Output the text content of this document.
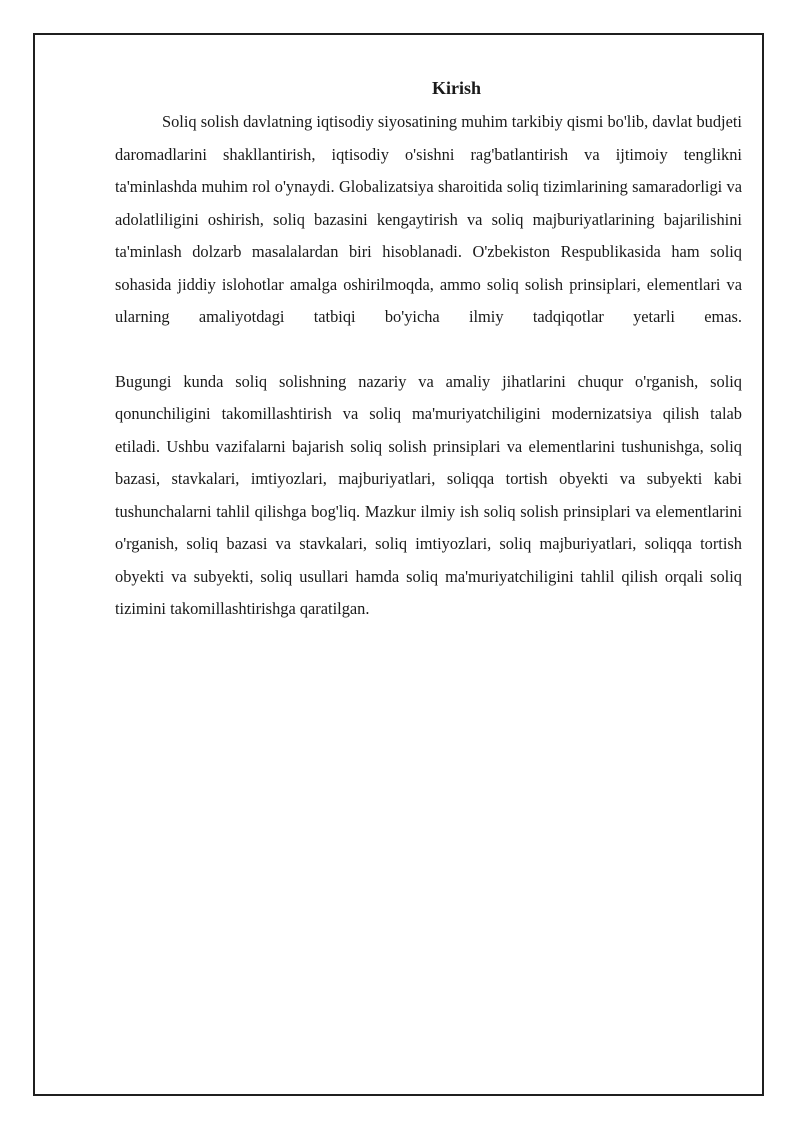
Kirish

Soliq solish davlatning iqtisodiy siyosatining muhim tarkibiy qismi bo'lib, davlat budjeti daromadlarini shakllantirish, iqtisodiy o'sishni rag'batlantirish va ijtimoiy tenglikni ta'minlashda muhim rol o'ynaydi. Globalizatsiya sharoitida soliq tizimlarining samaradorligi va adolatliligini oshirish, soliq bazasini kengaytirish va soliq majburiyatlarining bajarilishini ta'minlash dolzarb masalalardan biri hisoblanadi. O'zbekiston Respublikasida ham soliq sohasida jiddiy islohotlar amalga oshirilmoqda, ammo soliq solish prinsiplari, elementlari va ularning amaliyotdagi tatbiqi bo'yicha ilmiy tadqiqotlar yetarli emas.

Bugungi kunda soliq solishning nazariy va amaliy jihatlarini chuqur o'rganish, soliq qonunchiligini takomillashtirish va soliq ma'muriyatchiligini modernizatsiya qilish talab etiladi. Ushbu vazifalarni bajarish soliq solish prinsiplari va elementlarini tushunishga, soliq bazasi, stavkalari, imtiyozlari, majburiyatlari, soliqqa tortish obyekti va subyekti kabi tushunchalarni tahlil qilishga bog'liq. Mazkur ilmiy ish soliq solish prinsiplari va elementlarini o'rganish, soliq bazasi va stavkalari, soliq imtiyozlari, soliq majburiyatlari, soliqqa tortish obyekti va subyekti, soliq usullari hamda soliq ma'muriyatchiligini tahlil qilish orqali soliq tizimini takomillashtirishga qaratilgan.
